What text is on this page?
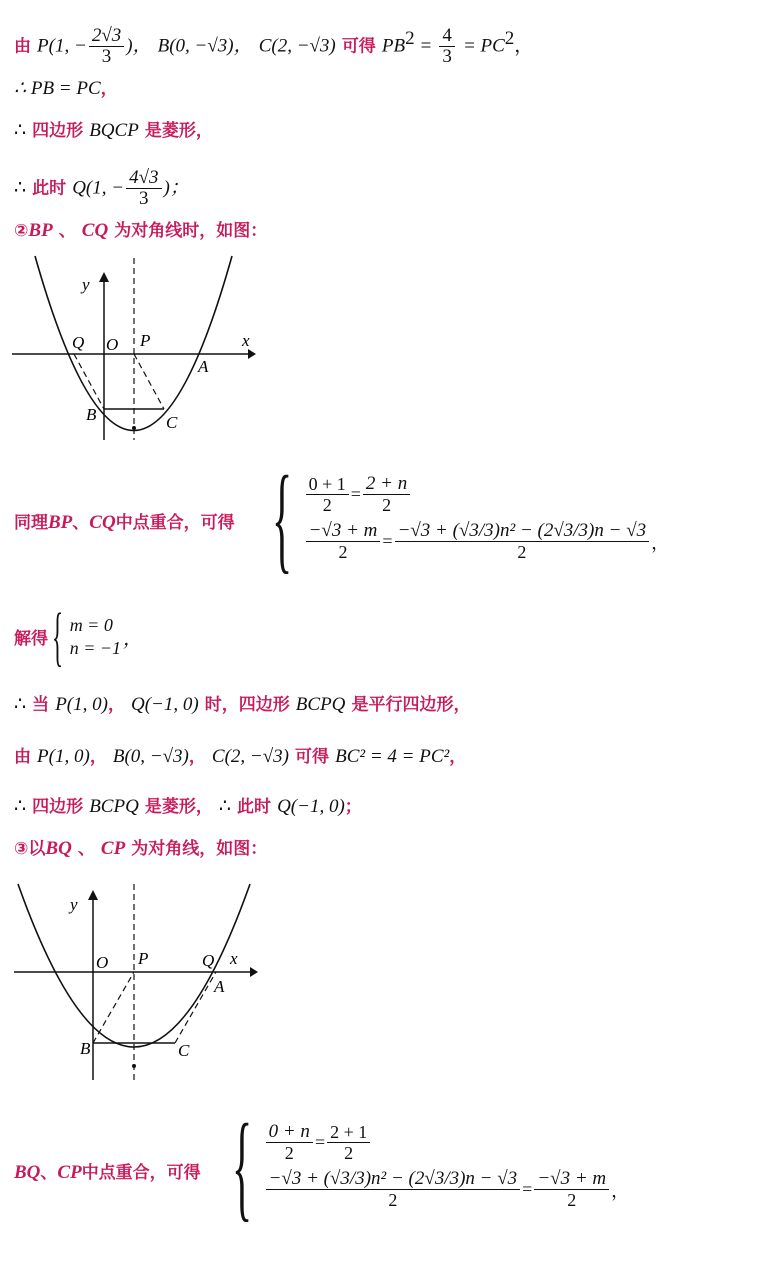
由 P(1, − $\frac{2√3}{3}$ )， B(0, −√3)， C(2, −√3) 可得 $PB^2 = \frac{4}{3} = PC^2$，
∴ PB = PC，
∴ 四边形 BQCP 是菱形，
∴ 此时 Q(1, − $\frac{4√3}{3}$ )；
②BP 、 CQ 为对角线时，如图：
y
x
Q O P
A
B	C
同理BP、CQ中点重合，可得 { $\frac{0 + 1}{2} = \frac{2 + n}{2}$
$\frac{-√3 + m}{2} = \frac{\text{−√3 + (√3/3)n² − (2√3/3)n − √3}}{2}$ ，
解得 { m = 0
n = −1 ，
∴ 当 P(1, 0)， Q(−1, 0) 时，四边形 BCPQ 是平行四边形，
由 P(1, 0)， B(0, −√3)， C(2, −√3) 可得 BC² = 4 = PC²，
∴ 四边形 BCPQ 是菱形， ∴ 此时 Q(−1, 0)；
③以BQ 、 CP 为对角线，如图：
y
x
O P	Q
A
B	C
BQ、CP中点重合，可得 { $\frac{0 + n}{2} = \frac{2 + 1}{2}$
$\frac{\text{−√3 + (√3/3)n² − (2√3/3)n − √3}}{2} = \frac{-√3 + m}{2}$ ，
